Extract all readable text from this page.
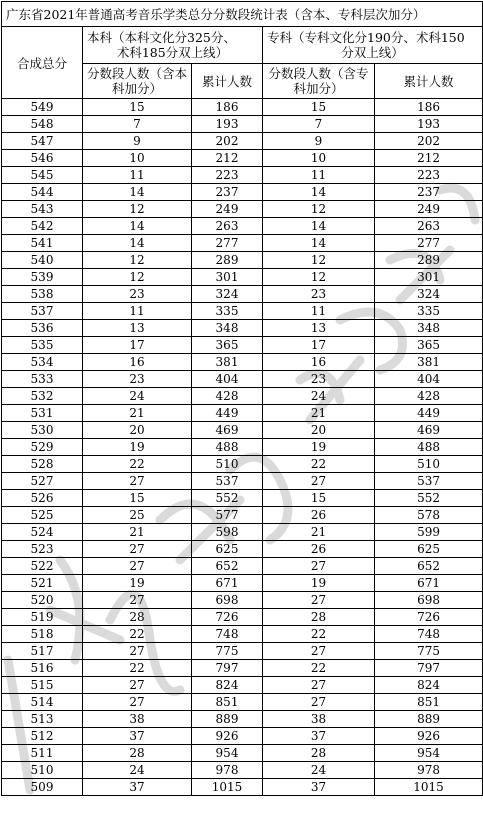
广东省2021年普通高考音乐学类总分分数段统计表（含本、专科层次加分）				
合成总分	本科（本科文化分325分、
术科185分双上线）		专科（专科文化分190分、术科150
分双上线）	

	分数段人数（含本科加分）	累计人数	分数段人数（含专科加分）	累计人数
549	15	186	15	186
548	7	193	7	193
547	9	202	9	202
546	10	212	10	212
545	11	223	11	223
544	14	237	14	237
543	12	249	12	249
542	14	263	14	263
541	14	277	14	277
540	12	289	12	289
539	12	301	12	301
538	23	324	23	324
537	11	335	11	335
536	13	348	13	348
535	17	365	17	365
534	16	381	16	381
533	23	404	23	404
532	24	428	24	428
531	21	449	21	449
530	20	469	20	469
529	19	488	19	488
528	22	510	22	510
527	27	537	27	537
526	15	552	15	552
525	25	577	26	578
524	21	598	21	599
523	27	625	26	625
522	27	652	27	652
521	19	671	19	671
520	27	698	27	698
519	28	726	28	726
518	22	748	22	748
517	27	775	27	775
516	22	797	22	797
515	27	824	27	824
514	27	851	27	851
513	38	889	38	889
512	37	926	37	926
511	28	954	28	954
510	24	978	24	978
509	37	1015	37	1015
